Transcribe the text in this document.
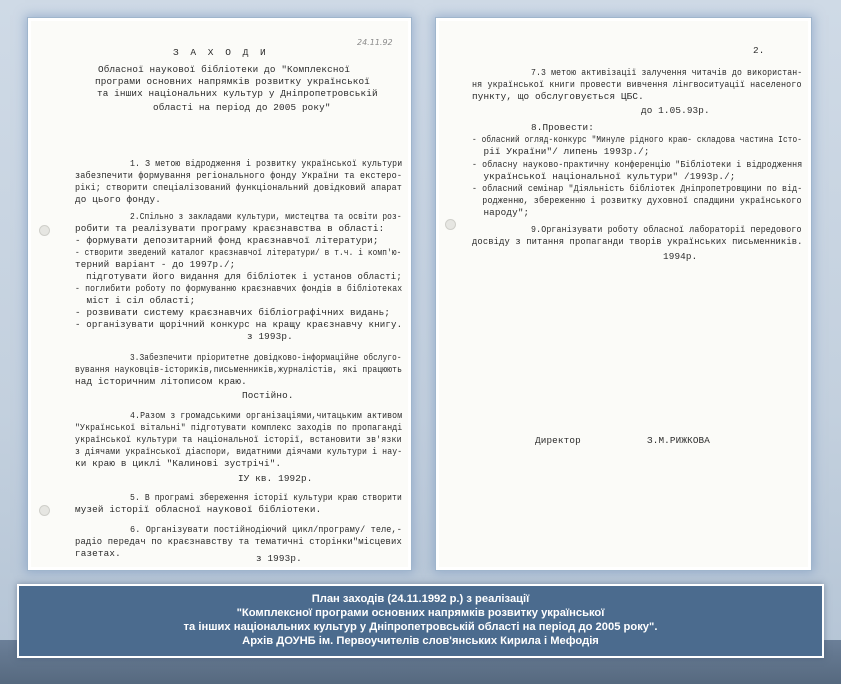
24.11.92
З А Х О Д И
Обласної наукової бібліотеки до "Комплексної
програми основних напрямків розвитку української
та інших національних культур у Дніпропетровській
області на період до 2005 року"
1. З метою відродження і розвитку української культури
забезпечити формування регіонального фонду України та екстеро-
рікі; створити спеціалізований функціональний довідковий апарат
до цього фонду.
2.Спільно з закладами культури, мистецтва та освіти роз-
робити та реалізувати програму краєзнавства в області:
- формувати депозитарний фонд краєзнавчої літератури;
- створити зведений каталог краєзнавчої літератури/ в т.ч. і комп'ю-
терний варіант - до 1997р./;
підготувати його видання для бібліотек і установ області;
- поглибити роботу по формуванню краєзнавчих фондів в бібліотеках
міст і сіл області;
- розвивати систему краєзнавчих бібліографічних видань;
- організувати щорічний конкурс на кращу краєзнавчу книгу.
з 1993р.
3.Забезпечити пріоритетне довідково-інформаційне обслуго-
вування науковців-істориків,письменників,журналістів, які працюють
над історичним літописом краю.
Постійно.
4.Разом з громадськими організаціями,читацьким активом
"Української вітальні" підготувати комплекс заходів по пропаганді
української культури та національної історії, встановити зв'язки
з діячами української діаспори, видатними діячами культури і нау-
ки краю в циклі "Калинові зустрічі".
IУ кв. 1992р.
5. В програмі збереження історії культури краю створити
музей історії обласної наукової бібліотеки.
6. Організувати постійнодіючий цикл/програму/ теле,-
радіо передач по краєзнавству та тематичні сторінки"місцевих
газетах.	з 1993р.
2.
7.3 метою активізації залучення читачів до використан-
ня української книги провести вивчення лінгвоситуації населеного
пункту, що обслуговується ЦБС.
до 1.05.93р.
8.Провести:
- обласний огляд-конкурс "Минуле рідного краю- складова частина Істо-
рії України"/ липень 1993р./;
- обласну науково-практичну конференцію "Бібліотеки і відродження
української національної культури" /1993р./;
- обласний семінар "Діяльність бібліотек Дніпропетровщини по від-
родженню, збереженню і розвитку духовної спадщини українського
народу";
9.Організувати роботу обласної лабораторії передового
досвіду з питання пропаганди творів українських письменників.
1994р.
Директор	З.М.РИЖКОВА
План заходів (24.11.1992 р.) з реалізації
"Комплексної програми основних напрямків розвитку української
та інших національних культур у Дніпропетровській області на період до 2005 року".
Архів ДОУНБ ім. Первоучителів слов'янських Кирила і Мефодія
